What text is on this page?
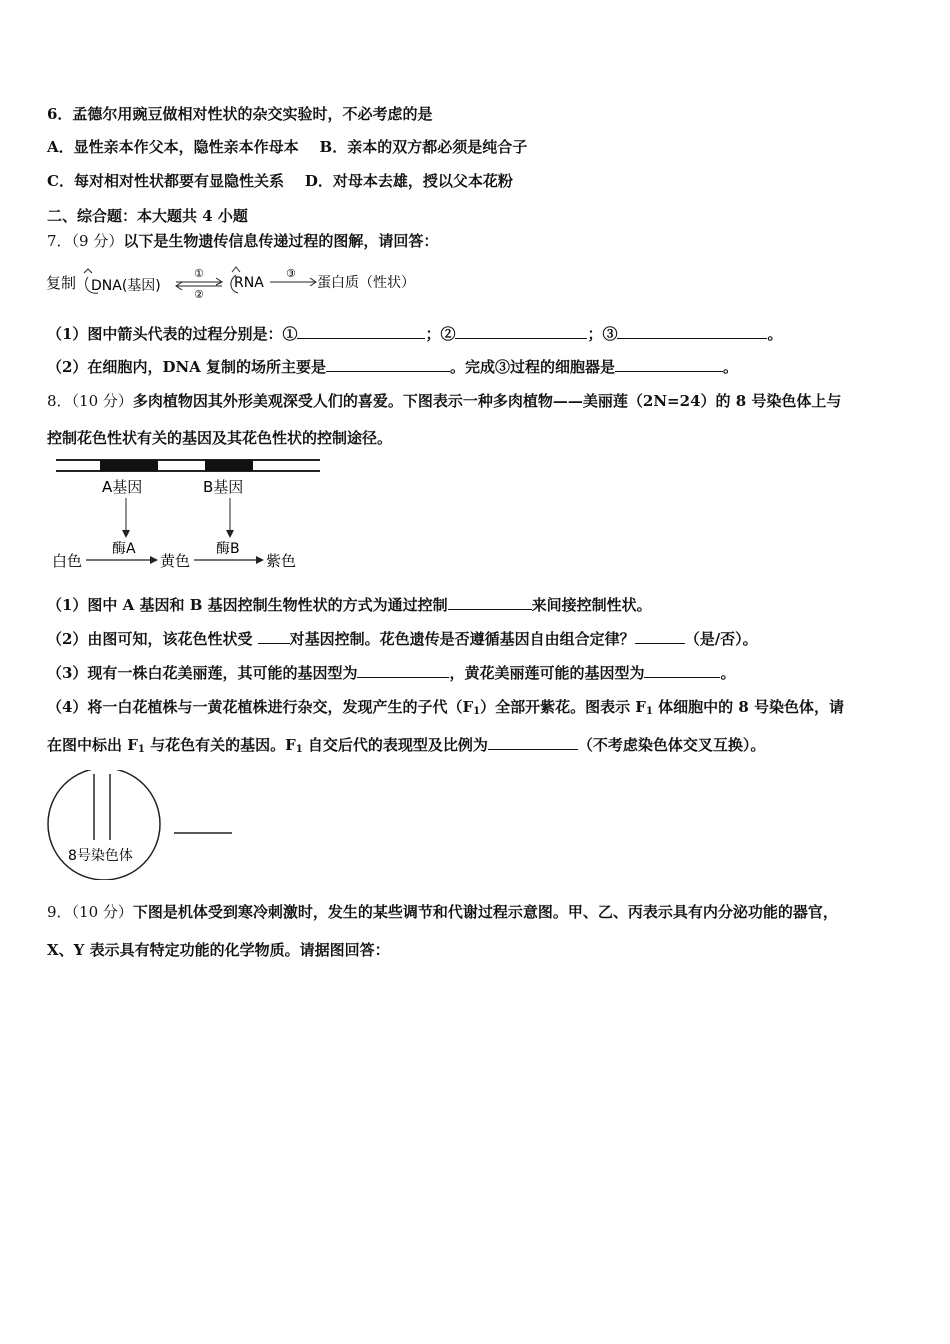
6．孟德尔用豌豆做相对性状的杂交实验时，不必考虑的是
A．显性亲本作父本，隐性亲本作母本 B．亲本的双方都必须是纯合子
C．每对相对性状都要有显隐性关系 D．对母本去雄，授以父本花粉
二、综合题：本大题共 4 小题
7．（9 分）以下是生物遗传信息传递过程的图解，请回答：
复制 DNA(基因)
①
②
RNA
③
蛋白质（性状）
（1）图中箭头代表的过程分别是：①	；②	；③	。
（2）在细胞内，DNA 复制的场所主要是	。完成③过程的细胞器是	。
8．（10 分）多肉植物因其外形美观深受人们的喜爱。下图表示一种多肉植物——美丽莲（2N=24）的 8 号染色体上与
控制花色性状有关的基因及其花色性状的控制途径。
A基因	B基因
酶A	酶B
白色	黄色	紫色
（1）图中 A 基因和 B 基因控制生物性状的方式为通过控制	来间接控制性状。
（2）由图可知，该花色性状受 对基因控制。花色遗传是否遵循基因自由组合定律？	（是/否）。
（3）现有一株白花美丽莲，其可能的基因型为	，黄花美丽莲可能的基因型为	。
（4）将一白花植株与一黄花植株进行杂交，发现产生的子代$(F_1)$全部开紫花。图表示 $F_1$ 体细胞中的 8 号染色体，请
在图中标出 $F_1$ 与花色有关的基因。$F_1$ 自交后代的表现型及比例为	（不考虑染色体交叉互换）。
8号染色体
9．（10 分）下图是机体受到寒冷刺激时，发生的某些调节和代谢过程示意图。甲、乙、丙表示具有内分泌功能的器官，
X、Y 表示具有特定功能的化学物质。请据图回答：
